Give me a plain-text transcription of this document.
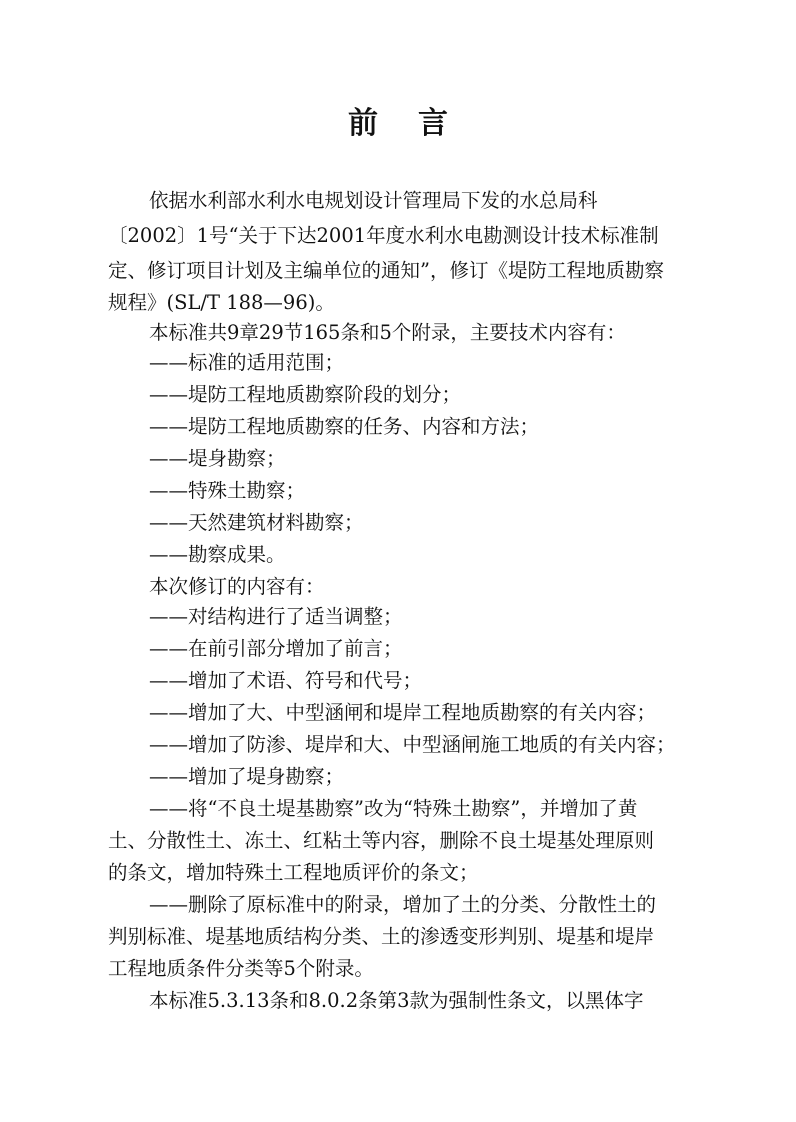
前言
依据水利部水利水电规划设计管理局下发的水总局科
〔2002〕1号“关于下达2001年度水利水电勘测设计技术标准制
定、修订项目计划及主编单位的通知”，修订《堤防工程地质勘察
规程》(SL/T 188—96)。
本标准共9章29节165条和5个附录，主要技术内容有：
——标准的适用范围；
——堤防工程地质勘察阶段的划分；
——堤防工程地质勘察的任务、内容和方法；
——堤身勘察；
——特殊土勘察；
——天然建筑材料勘察；
——勘察成果。
本次修订的内容有：
——对结构进行了适当调整；
——在前引部分增加了前言；
——增加了术语、符号和代号；
——增加了大、中型涵闸和堤岸工程地质勘察的有关内容；
——增加了防渗、堤岸和大、中型涵闸施工地质的有关内容；
——增加了堤身勘察；
——将“不良土堤基勘察”改为“特殊土勘察”，并增加了黄
土、分散性土、冻土、红粘土等内容，删除不良土堤基处理原则
的条文，增加特殊土工程地质评价的条文；
——删除了原标准中的附录，增加了土的分类、分散性土的
判别标准、堤基地质结构分类、土的渗透变形判别、堤基和堤岸
工程地质条件分类等5个附录。
本标准5.3.13条和8.0.2条第3款为强制性条文，以黑体字
